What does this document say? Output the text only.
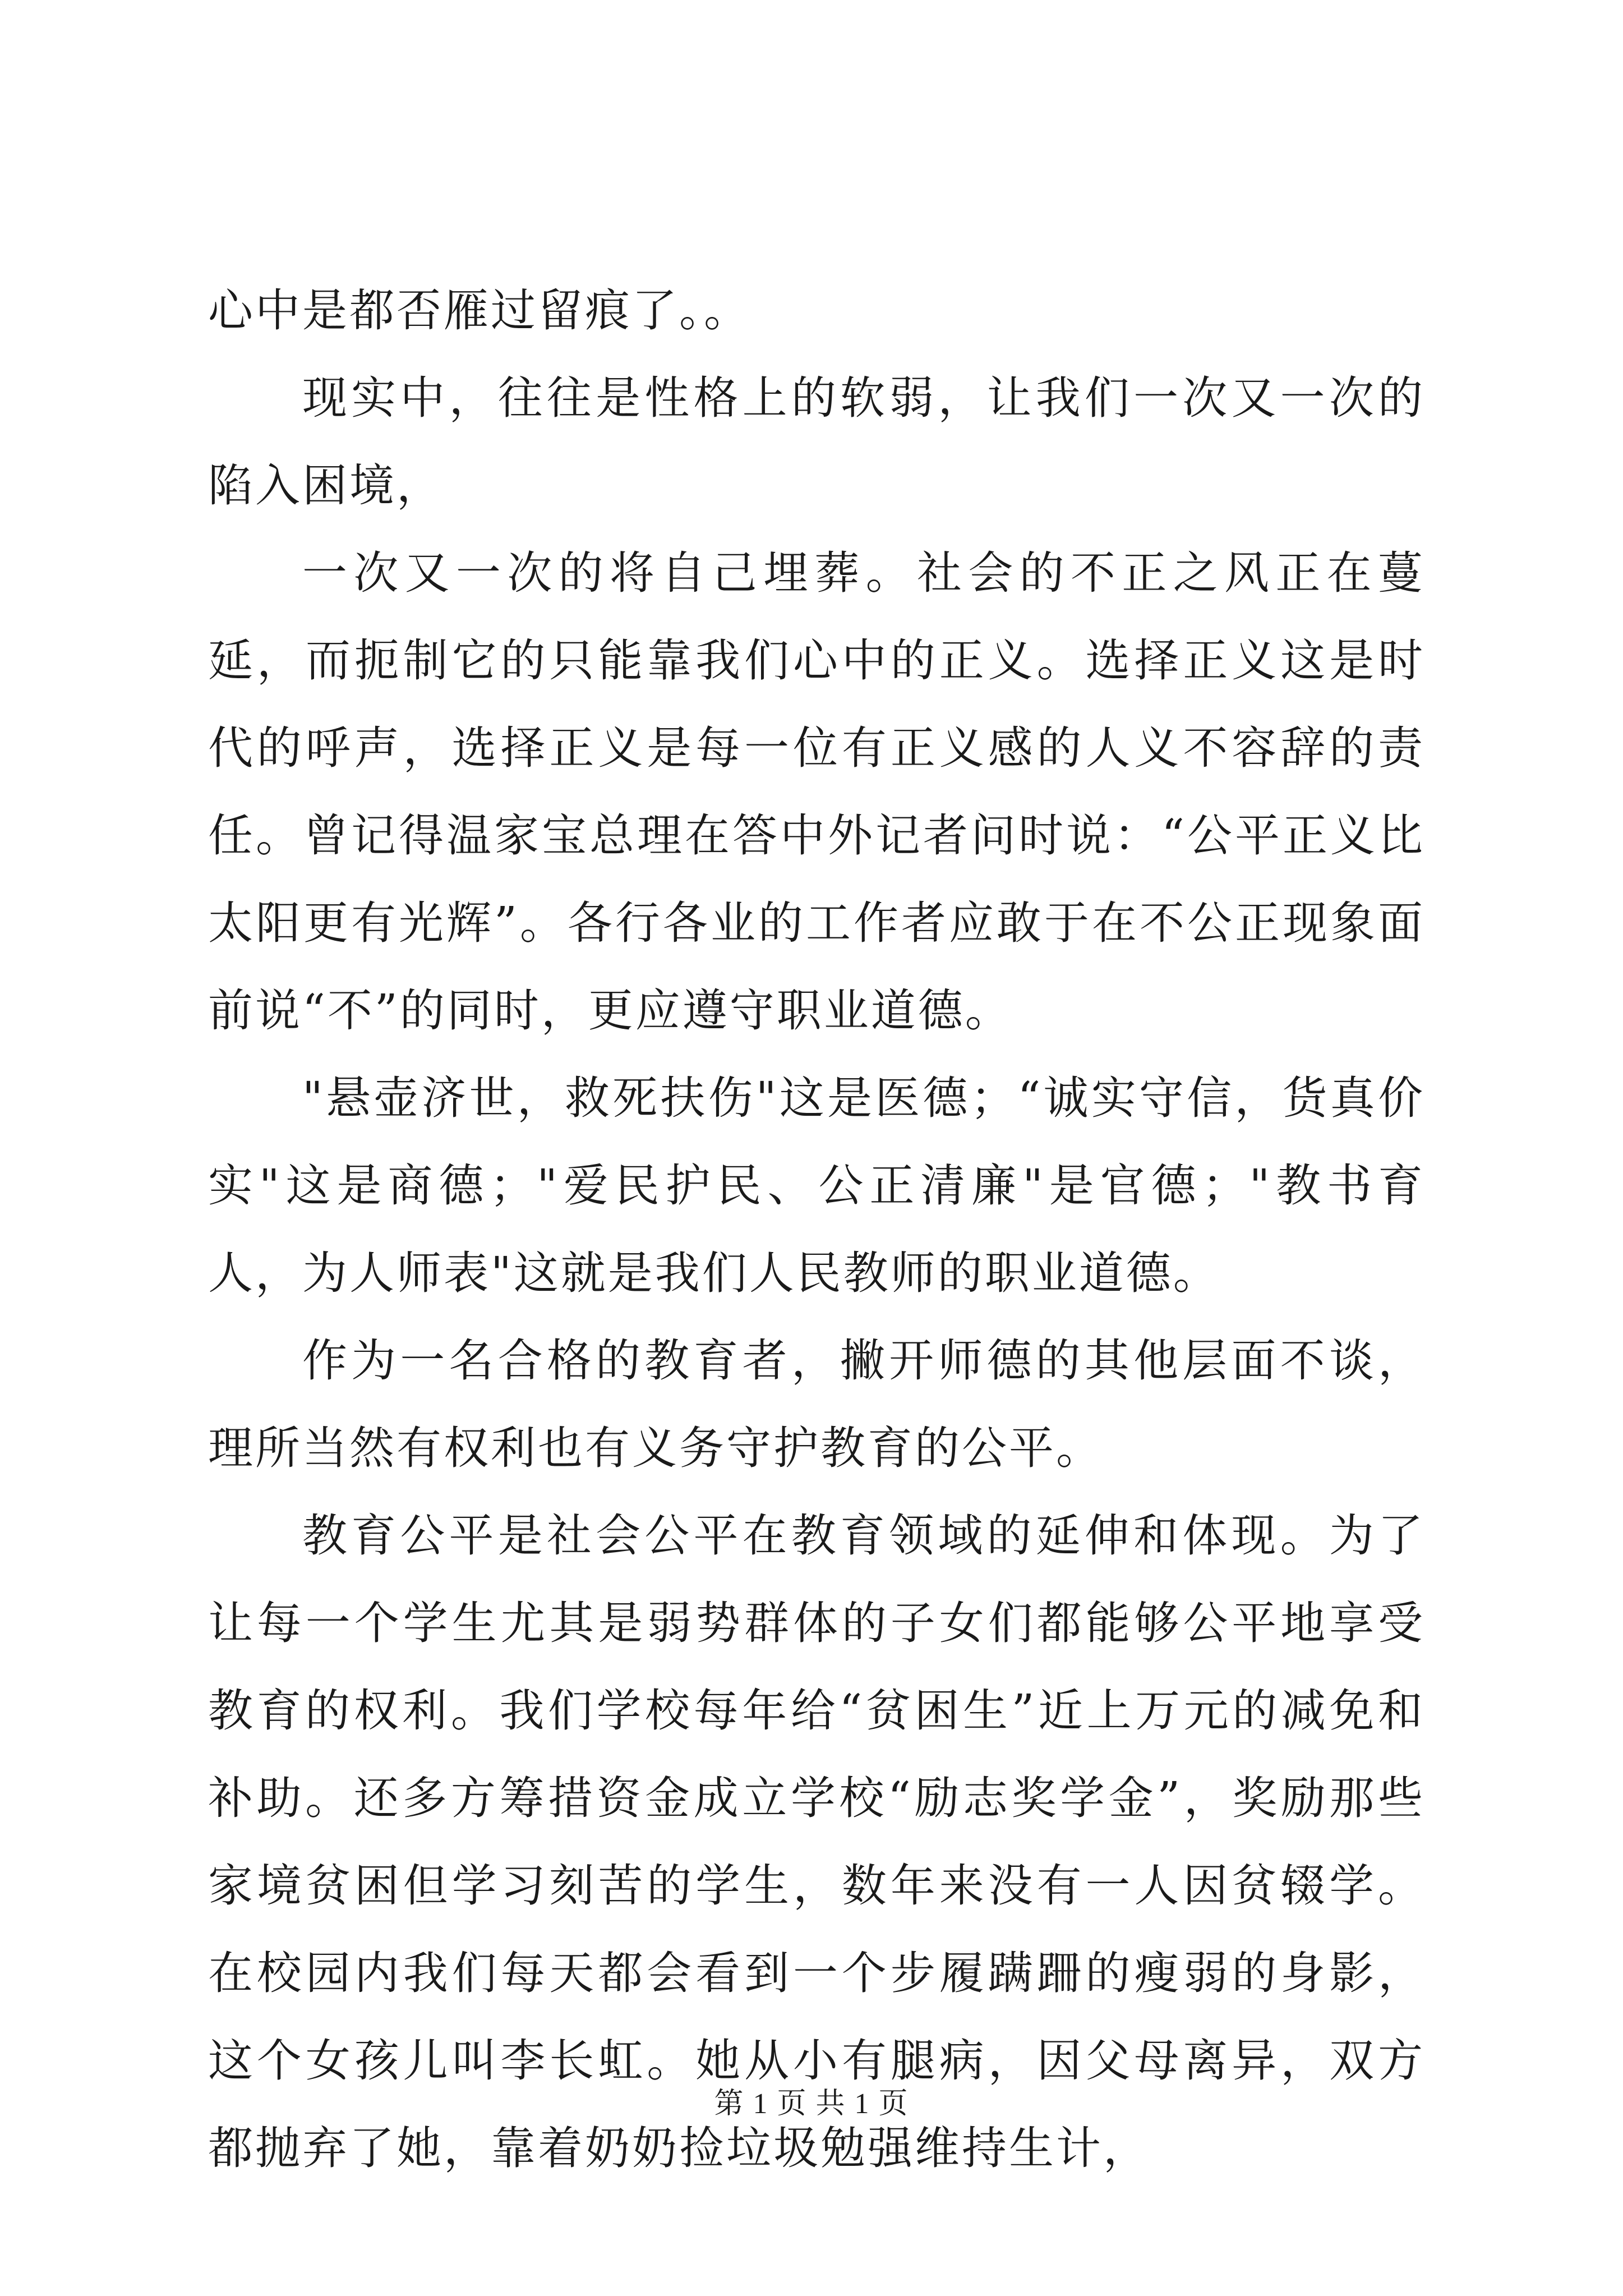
心中是都否雁过留痕了。。

现实中，往往是性格上的软弱，让我们一次又一次的陷入困境，

一次又一次的将自己埋葬。社会的不正之风正在蔓延，而扼制它的只能靠我们心中的正义。选择正义这是时代的呼声，选择正义是每一位有正义感的人义不容辞的责任。曾记得温家宝总理在答中外记者问时说：“公平正义比太阳更有光辉”。各行各业的工作者应敢于在不公正现象面前说“不”的同时，更应遵守职业道德。

"悬壶济世，救死扶伤"这是医德；“诚实守信，货真价实"这是商德；"爱民护民、公正清廉"是官德；"教书育人，为人师表"这就是我们人民教师的职业道德。

作为一名合格的教育者，撇开师德的其他层面不谈，理所当然有权利也有义务守护教育的公平。

教育公平是社会公平在教育领域的延伸和体现。为了让每一个学生尤其是弱势群体的子女们都能够公平地享受教育的权利。我们学校每年给“贫困生”近上万元的减免和补助。还多方筹措资金成立学校“励志奖学金”，奖励那些家境贫困但学习刻苦的学生，数年来没有一人因贫辍学。在校园内我们每天都会看到一个步履蹒跚的瘦弱的身影，这个女孩儿叫李长虹。她从小有腿病，因父母离异，双方都抛弃了她，靠着奶奶捡垃圾勉强维持生计，

第 1 页 共 1 页
